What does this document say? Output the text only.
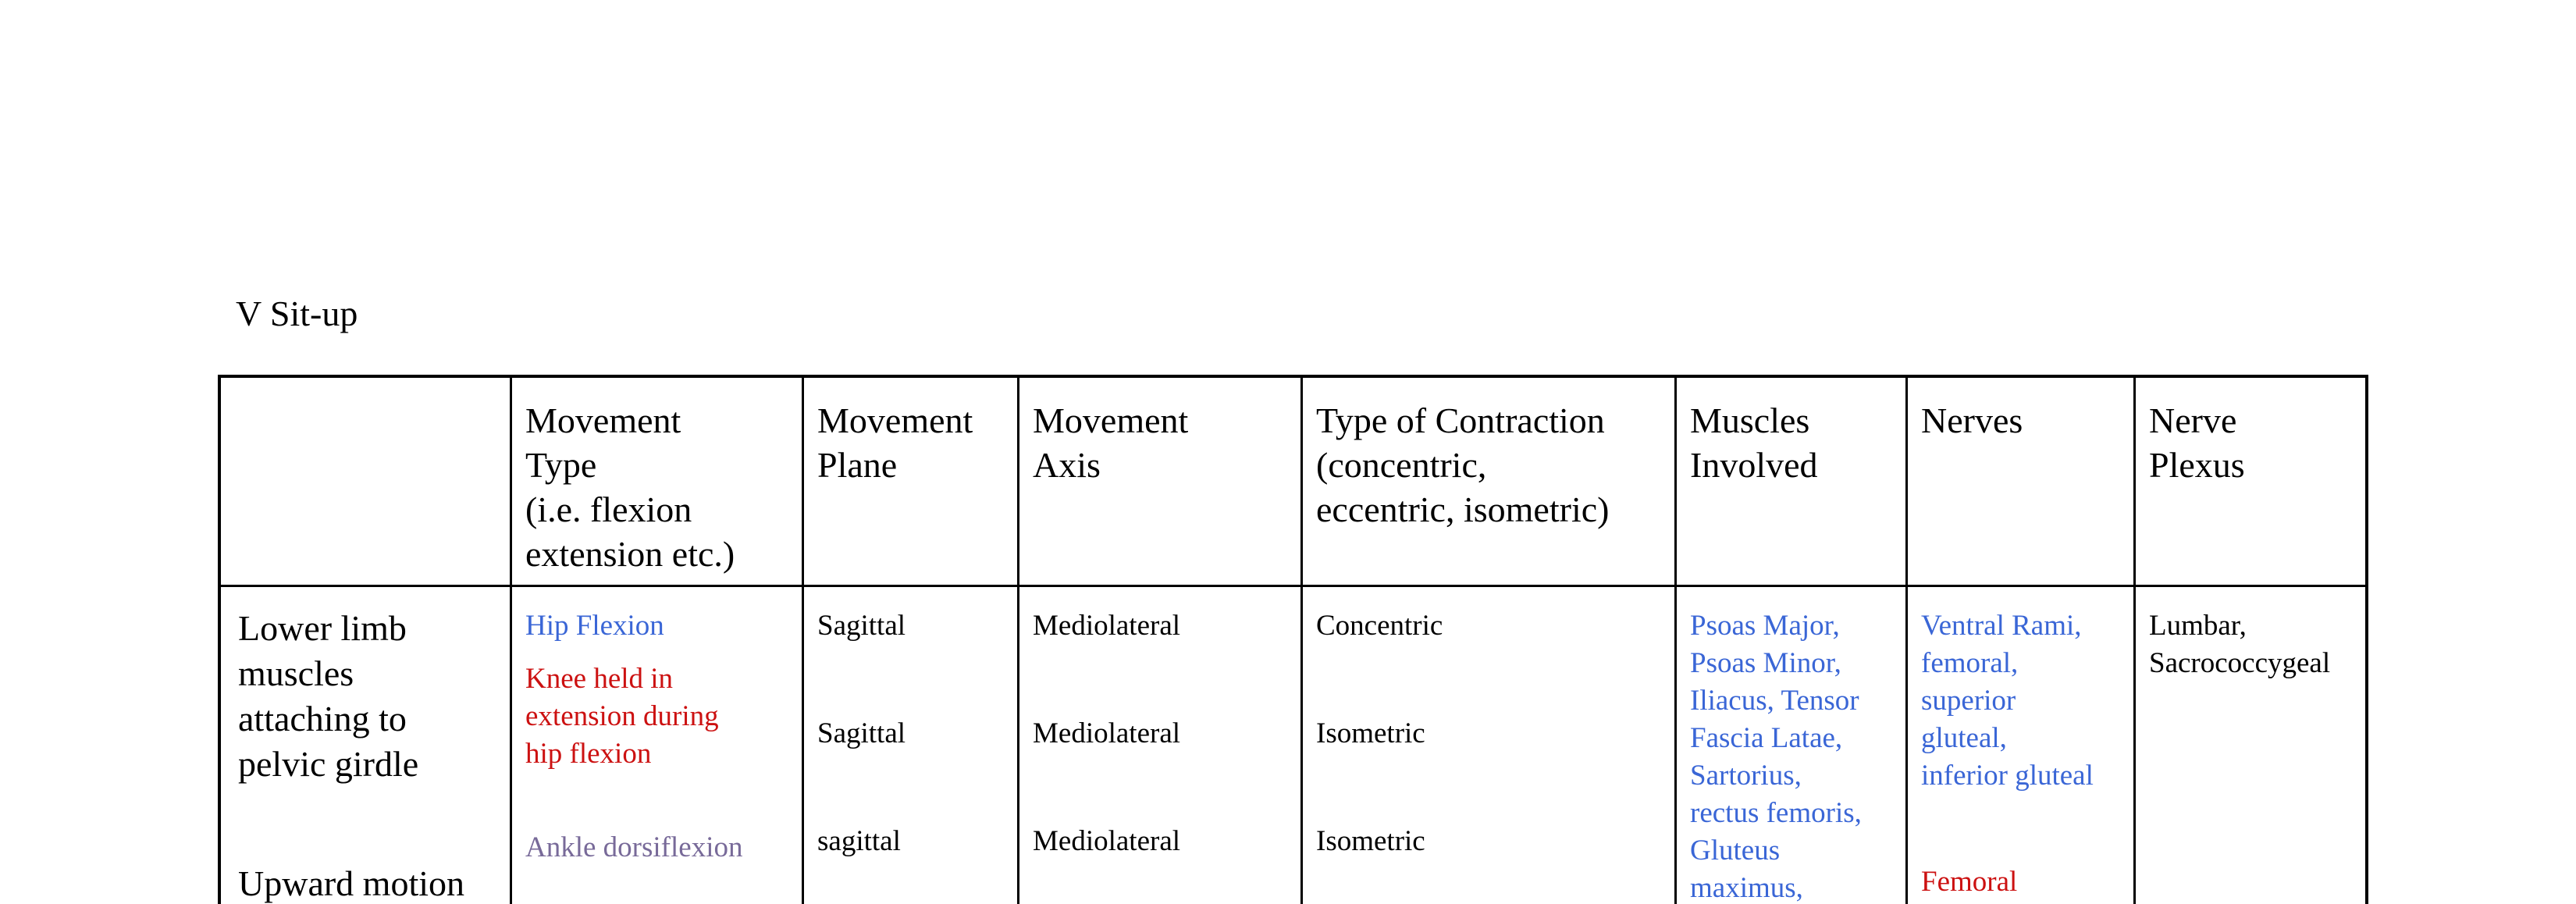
V Sit-up
Movement
Type
(i.e. flexion
extension etc.)
Movement
Plane
Movement
Axis
Type of Contraction
(concentric,
eccentric, isometric)
Muscles
Involved
Nerves	Nerve
Plexus
Lower limb
muscles
attaching to
pelvic girdle
Upward motion
Hip Flexion
Knee held in
extension during
hip flexion
Ankle dorsiflexion
Sagittal
Sagittal
sagittal
Mediolateral
Mediolateral
Mediolateral
Concentric
Isometric
Isometric
Psoas Major,
Psoas Minor,
Iliacus, Tensor
Fascia Latae,
Sartorius,
rectus femoris,
Gluteus
maximus,
Ventral Rami,
femoral,
superior
gluteal,
inferior gluteal
Femoral
Lumbar,
Sacrococcygeal
